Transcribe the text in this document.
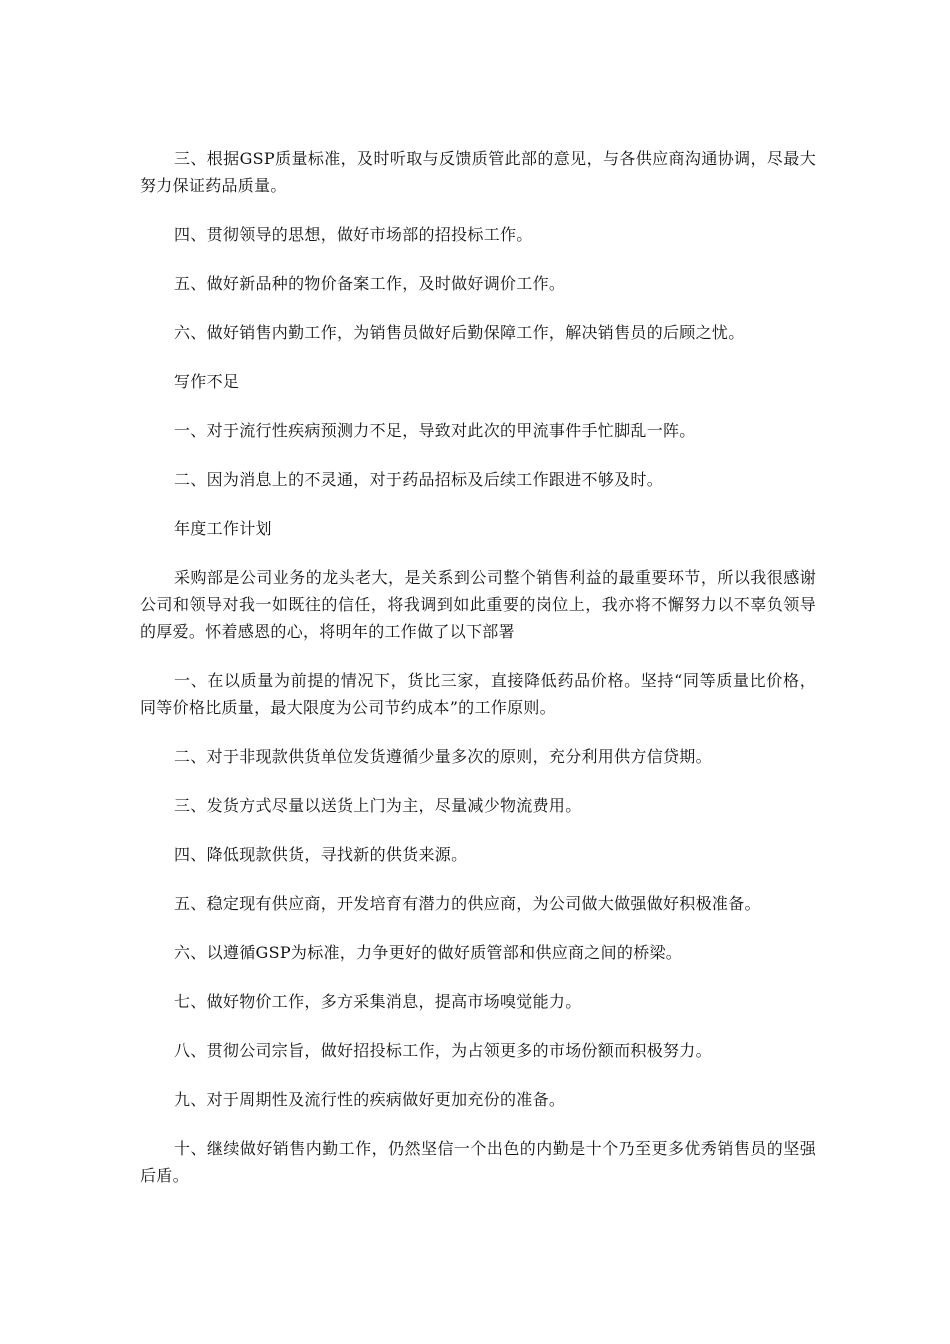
三、根据GSP质量标准，及时听取与反馈质管此部的意见，与各供应商沟通协调，尽最大努力保证药品质量。

四、贯彻领导的思想，做好市场部的招投标工作。

五、做好新品种的物价备案工作，及时做好调价工作。

六、做好销售内勤工作，为销售员做好后勤保障工作，解决销售员的后顾之忧。

写作不足

一、对于流行性疾病预测力不足，导致对此次的甲流事件手忙脚乱一阵。

二、因为消息上的不灵通，对于药品招标及后续工作跟进不够及时。

年度工作计划

采购部是公司业务的龙头老大，是关系到公司整个销售利益的最重要环节，所以我很感谢公司和领导对我一如既往的信任，将我调到如此重要的岗位上，我亦将不懈努力以不辜负领导的厚爱。怀着感恩的心，将明年的工作做了以下部署

一、在以质量为前提的情况下，货比三家，直接降低药品价格。坚持“同等质量比价格，同等价格比质量，最大限度为公司节约成本”的工作原则。

二、对于非现款供货单位发货遵循少量多次的原则，充分利用供方信贷期。

三、发货方式尽量以送货上门为主，尽量减少物流费用。

四、降低现款供货，寻找新的供货来源。

五、稳定现有供应商，开发培育有潜力的供应商，为公司做大做强做好积极准备。

六、以遵循GSP为标准，力争更好的做好质管部和供应商之间的桥梁。

七、做好物价工作，多方采集消息，提高市场嗅觉能力。

八、贯彻公司宗旨，做好招投标工作，为占领更多的市场份额而积极努力。

九、对于周期性及流行性的疾病做好更加充份的准备。

十、继续做好销售内勤工作，仍然坚信一个出色的内勤是十个乃至更多优秀销售员的坚强后盾。
